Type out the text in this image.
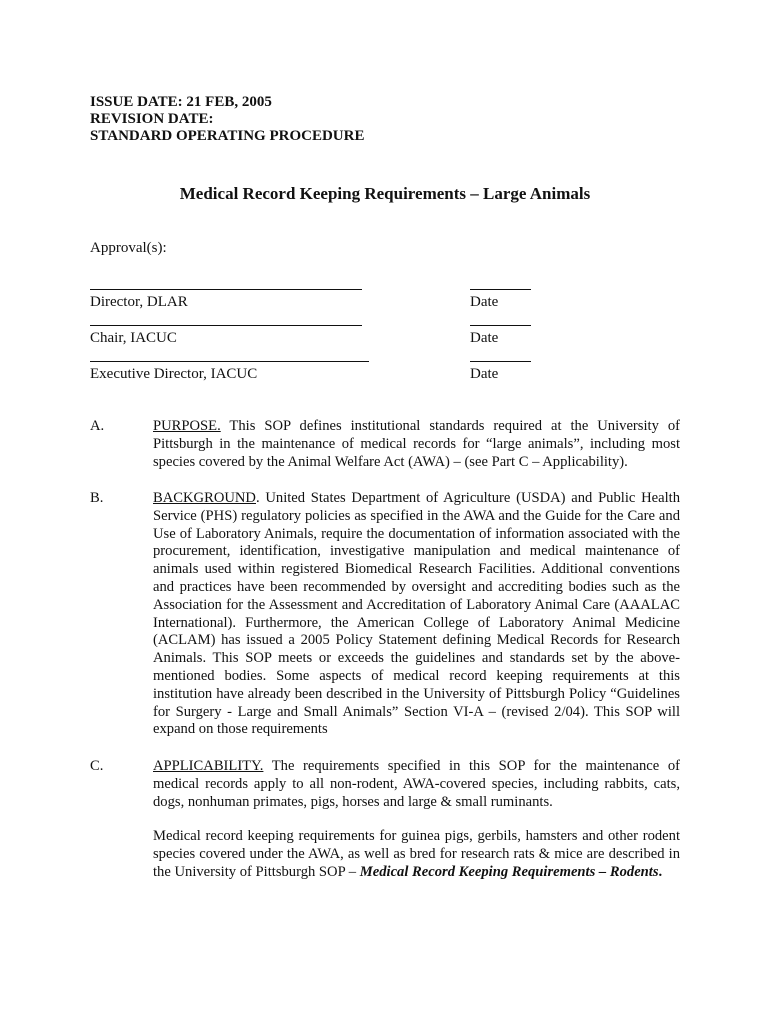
ISSUE DATE: 21 FEB, 2005
REVISION DATE:
STANDARD OPERATING PROCEDURE
Medical Record Keeping Requirements – Large Animals
Approval(s):
Director, DLAR	Date
Chair, IACUC	Date
Executive Director, IACUC	Date
A.	PURPOSE. This SOP defines institutional standards required at the University of Pittsburgh in the maintenance of medical records for “large animals”, including most species covered by the Animal Welfare Act (AWA) – (see Part C – Applicability).
B.	BACKGROUND. United States Department of Agriculture (USDA) and Public Health Service (PHS) regulatory policies as specified in the AWA and the Guide for the Care and Use of Laboratory Animals, require the documentation of information associated with the procurement, identification, investigative manipulation and medical maintenance of animals used within registered Biomedical Research Facilities. Additional conventions and practices have been recommended by oversight and accrediting bodies such as the Association for the Assessment and Accreditation of Laboratory Animal Care (AAALAC International). Furthermore, the American College of Laboratory Animal Medicine (ACLAM) has issued a 2005 Policy Statement defining Medical Records for Research Animals. This SOP meets or exceeds the guidelines and standards set by the above-mentioned bodies. Some aspects of medical record keeping requirements at this institution have already been described in the University of Pittsburgh Policy “Guidelines for Surgery - Large and Small Animals” Section VI-A – (revised 2/04). This SOP will expand on those requirements
C.	APPLICABILITY. The requirements specified in this SOP for the maintenance of medical records apply to all non-rodent, AWA-covered species, including rabbits, cats, dogs, nonhuman primates, pigs, horses and large & small ruminants.
Medical record keeping requirements for guinea pigs, gerbils, hamsters and other rodent species covered under the AWA, as well as bred for research rats & mice are described in the University of Pittsburgh SOP – Medical Record Keeping Requirements – Rodents.
